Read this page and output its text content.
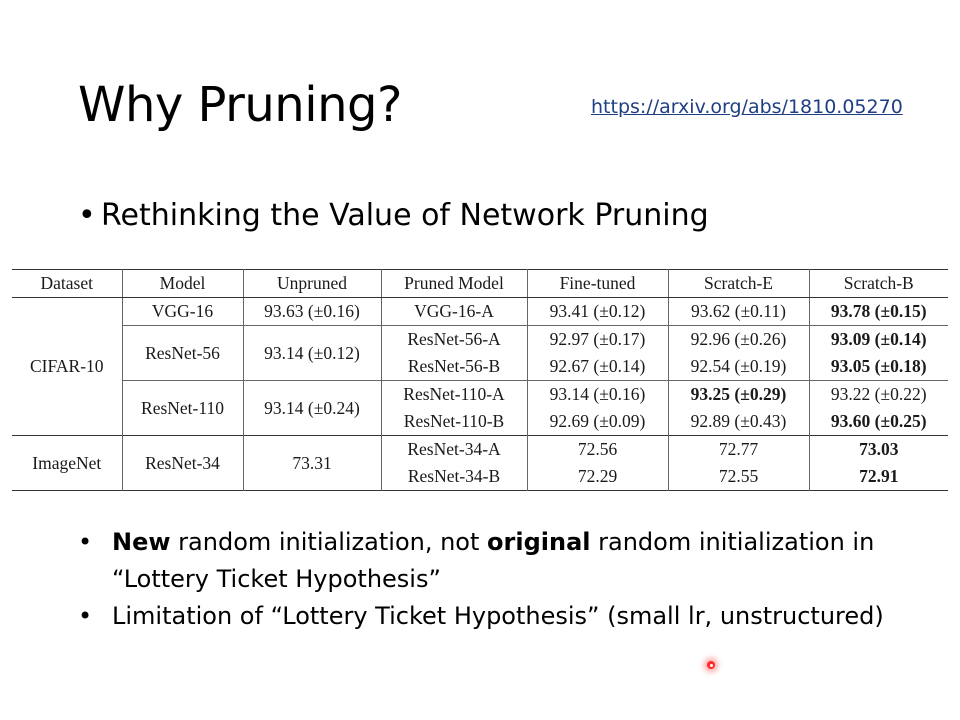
Why Pruning?	https://arxiv.org/abs/1810.05270
• Rethinking the Value of Network Pruning
Dataset	Model	Unpruned	Pruned Model	Fine-tuned	Scratch-E	Scratch-B
CIFAR-10	VGG-16	93.63 (±0.16)	VGG-16-A	93.41 (±0.12)	93.62 (±0.11)	93.78 (±0.15)
	ResNet-56	93.14 (±0.12)	ResNet-56-A	92.97 (±0.17)	92.96 (±0.26)	93.09 (±0.14)
			ResNet-56-B	92.67 (±0.14)	92.54 (±0.19)	93.05 (±0.18)
	ResNet-110	93.14 (±0.24)	ResNet-110-A	93.14 (±0.16)	93.25 (±0.29)	93.22 (±0.22)
			ResNet-110-B	92.69 (±0.09)	92.89 (±0.43)	93.60 (±0.25)
ImageNet	ResNet-34	73.31	ResNet-34-A	72.56	72.77	73.03
			ResNet-34-B	72.29	72.55	72.91
• New random initialization, not original random initialization in “Lottery Ticket Hypothesis”
• Limitation of “Lottery Ticket Hypothesis” (small lr, unstructured)
